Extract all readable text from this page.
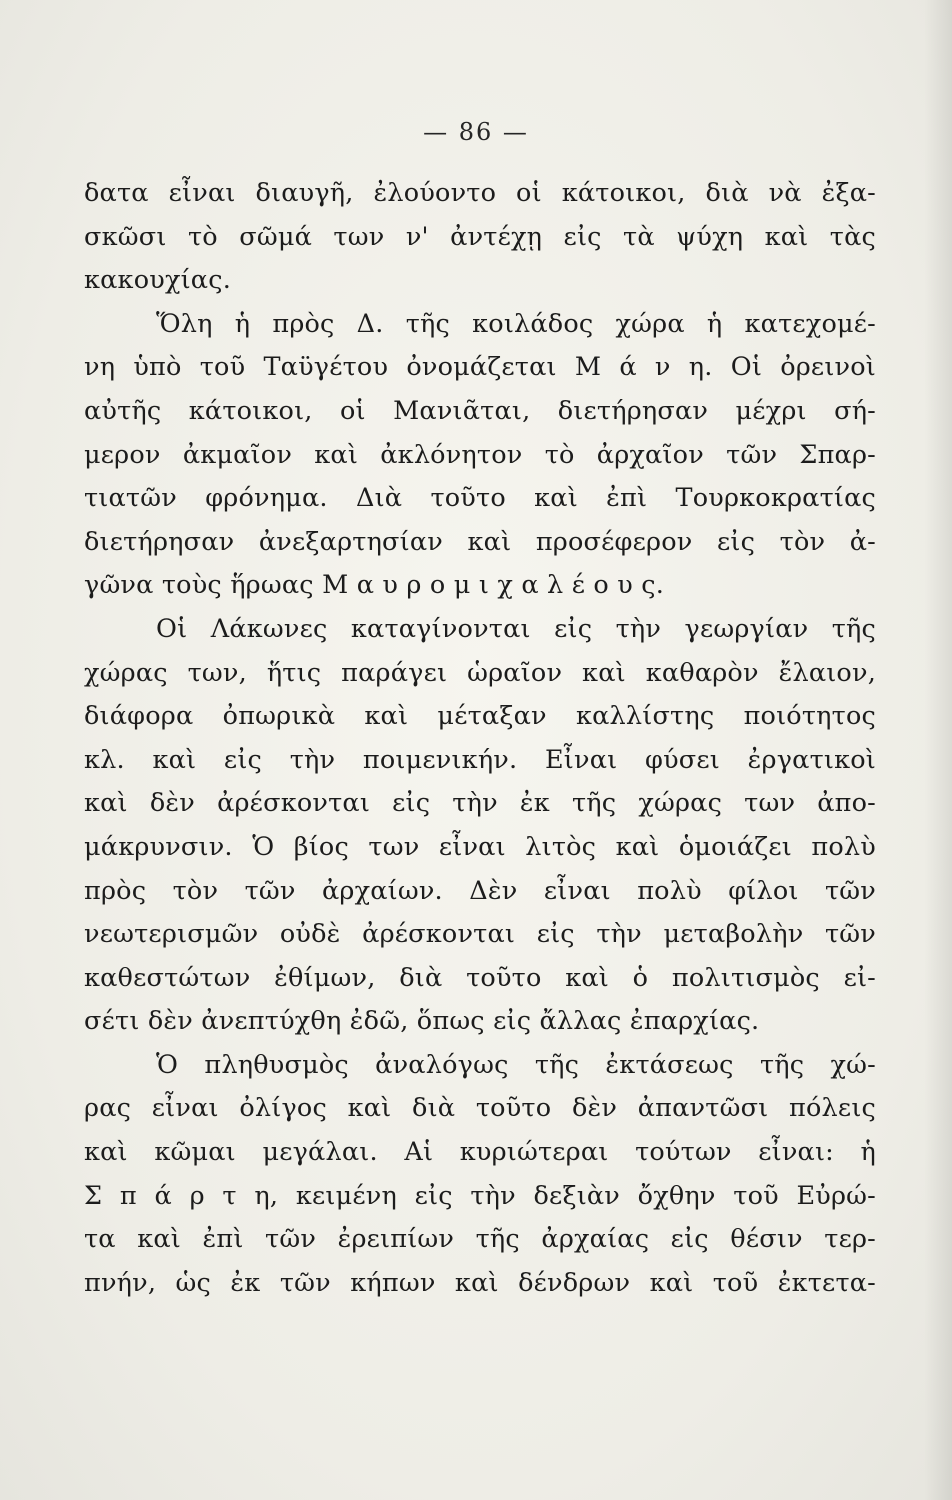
— 86 —
δατα εἶναι διαυγῆ, ἐλούοντο οἱ κάτοικοι, διὰ νὰ ἐξα-
σκῶσι τὸ σῶμά των ν' ἀντέχῃ εἰς τὰ ψύχη καὶ τὰς
κακουχίας.
Ὅλη ἡ πρὸς Δ. τῆς κοιλάδος χώρα ἡ κατεχομέ-
νη ὑπὸ τοῦ Ταϋγέτου ὀνομάζεται Μ ά ν η. Οἱ ὀρεινοὶ
αὐτῆς κάτοικοι, οἱ Μανιᾶται, διετήρησαν μέχρι σή-
μερον ἀκμαῖον καὶ ἀκλόνητον τὸ ἀρχαῖον τῶν Σπαρ-
τιατῶν φρόνημα. Διὰ τοῦτο καὶ ἐπὶ Τουρκοκρατίας
διετήρησαν ἀνεξαρτησίαν καὶ προσέφερον εἰς τὸν ἀ-
γῶνα τοὺς ἥρωας Μ α υ ρ ο μ ι χ α λ έ ο υ ς.
Οἱ Λάκωνες καταγίνονται εἰς τὴν γεωργίαν τῆς
χώρας των, ἥτις παράγει ὡραῖον καὶ καθαρὸν ἔλαιον,
διάφορα ὀπωρικὰ καὶ μέταξαν καλλίστης ποιότητος
κλ. καὶ εἰς τὴν ποιμενικήν. Εἶναι φύσει ἐργατικοὶ
καὶ δὲν ἀρέσκονται εἰς τὴν ἐκ τῆς χώρας των ἀπο-
μάκρυνσιν. Ὁ βίος των εἶναι λιτὸς καὶ ὁμοιάζει πολὺ
πρὸς τὸν τῶν ἀρχαίων. Δὲν εἶναι πολὺ φίλοι τῶν
νεωτερισμῶν οὐδὲ ἀρέσκονται εἰς τὴν μεταβολὴν τῶν
καθεστώτων ἐθίμων, διὰ τοῦτο καὶ ὁ πολιτισμὸς εἰ-
σέτι δὲν ἀνεπτύχθη ἐδῶ, ὅπως εἰς ἄλλας ἐπαρχίας.
Ὁ πληθυσμὸς ἀναλόγως τῆς ἐκτάσεως τῆς χώ-
ρας εἶναι ὀλίγος καὶ διὰ τοῦτο δὲν ἀπαντῶσι πόλεις
καὶ κῶμαι μεγάλαι. Αἱ κυριώτεραι τούτων εἶναι: ἡ
Σ π ά ρ τ η, κειμένη εἰς τὴν δεξιὰν ὄχθην τοῦ Εὐρώ-
τα καὶ ἐπὶ τῶν ἐρειπίων τῆς ἀρχαίας εἰς θέσιν τερ-
πνήν, ὡς ἐκ τῶν κήπων καὶ δένδρων καὶ τοῦ ἐκτετα-
